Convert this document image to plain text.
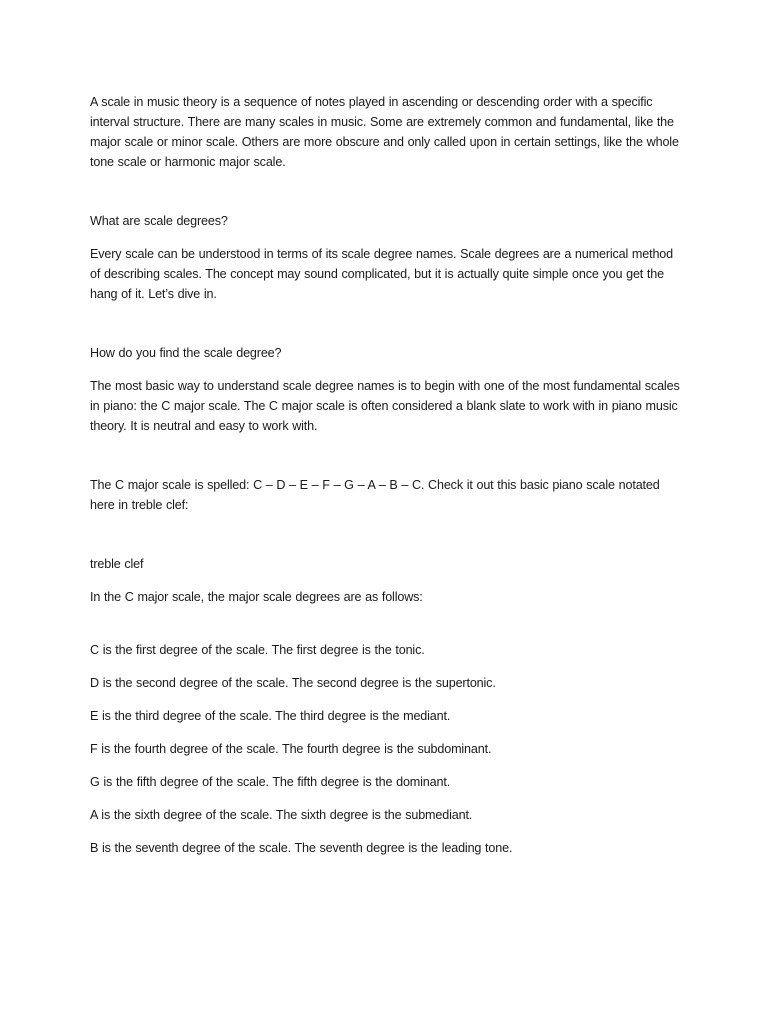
A scale in music theory is a sequence of notes played in ascending or descending order with a specific interval structure. There are many scales in music. Some are extremely common and fundamental, like the major scale or minor scale. Others are more obscure and only called upon in certain settings, like the whole tone scale or harmonic major scale.

What are scale degrees?

Every scale can be understood in terms of its scale degree names. Scale degrees are a numerical method of describing scales. The concept may sound complicated, but it is actually quite simple once you get the hang of it. Let’s dive in.

How do you find the scale degree?

The most basic way to understand scale degree names is to begin with one of the most fundamental scales in piano: the C major scale. The C major scale is often considered a blank slate to work with in piano music theory. It is neutral and easy to work with.

The C major scale is spelled: C – D – E – F – G – A – B – C. Check it out this basic piano scale notated here in treble clef:

treble clef

In the C major scale, the major scale degrees are as follows:

C is the first degree of the scale. The first degree is the tonic.

D is the second degree of the scale. The second degree is the supertonic.

E is the third degree of the scale. The third degree is the mediant.

F is the fourth degree of the scale. The fourth degree is the subdominant.

G is the fifth degree of the scale. The fifth degree is the dominant.

A is the sixth degree of the scale. The sixth degree is the submediant.

B is the seventh degree of the scale. The seventh degree is the leading tone.
